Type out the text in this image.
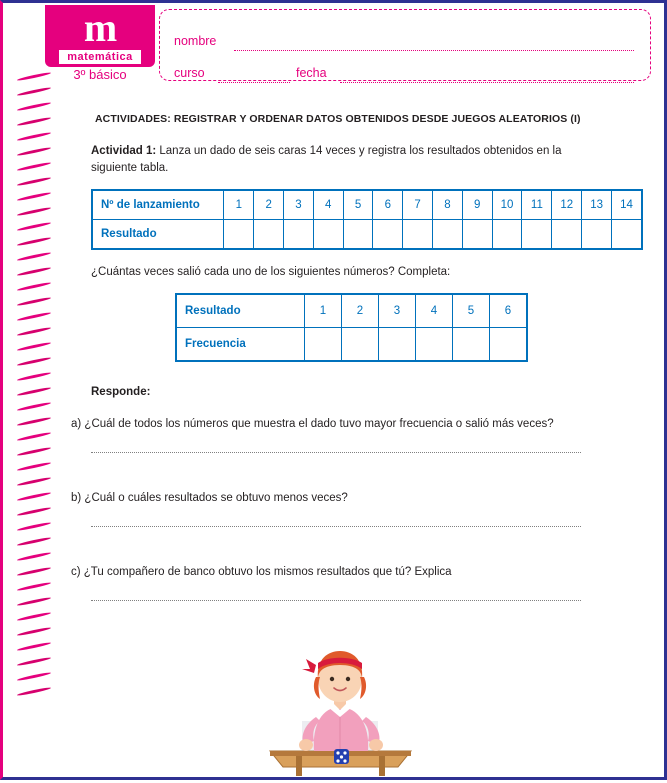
m
matemática
3º básico
nombre
curso	fecha
ACTIVIDADES: REGISTRAR Y ORDENAR DATOS OBTENIDOS DESDE JUEGOS ALEATORIOS (I)
Actividad 1: Lanza un dado de seis caras 14 veces y registra los resultados obtenidos en la siguiente tabla.
Nº de lanzamiento	1	2	3	4	5	6	7	8	9	10	11	12	13	14
Resultado														
¿Cuántas veces salió cada uno de los siguientes números? Completa:
Resultado	1	2	3	4	5	6
Frecuencia						
Responde:
a) ¿Cuál de todos los números que muestra el dado tuvo mayor frecuencia o salió más veces?
b) ¿Cuál o cuáles resultados se obtuvo menos veces?
c) ¿Tu compañero de banco obtuvo los mismos resultados que tú? Explica
